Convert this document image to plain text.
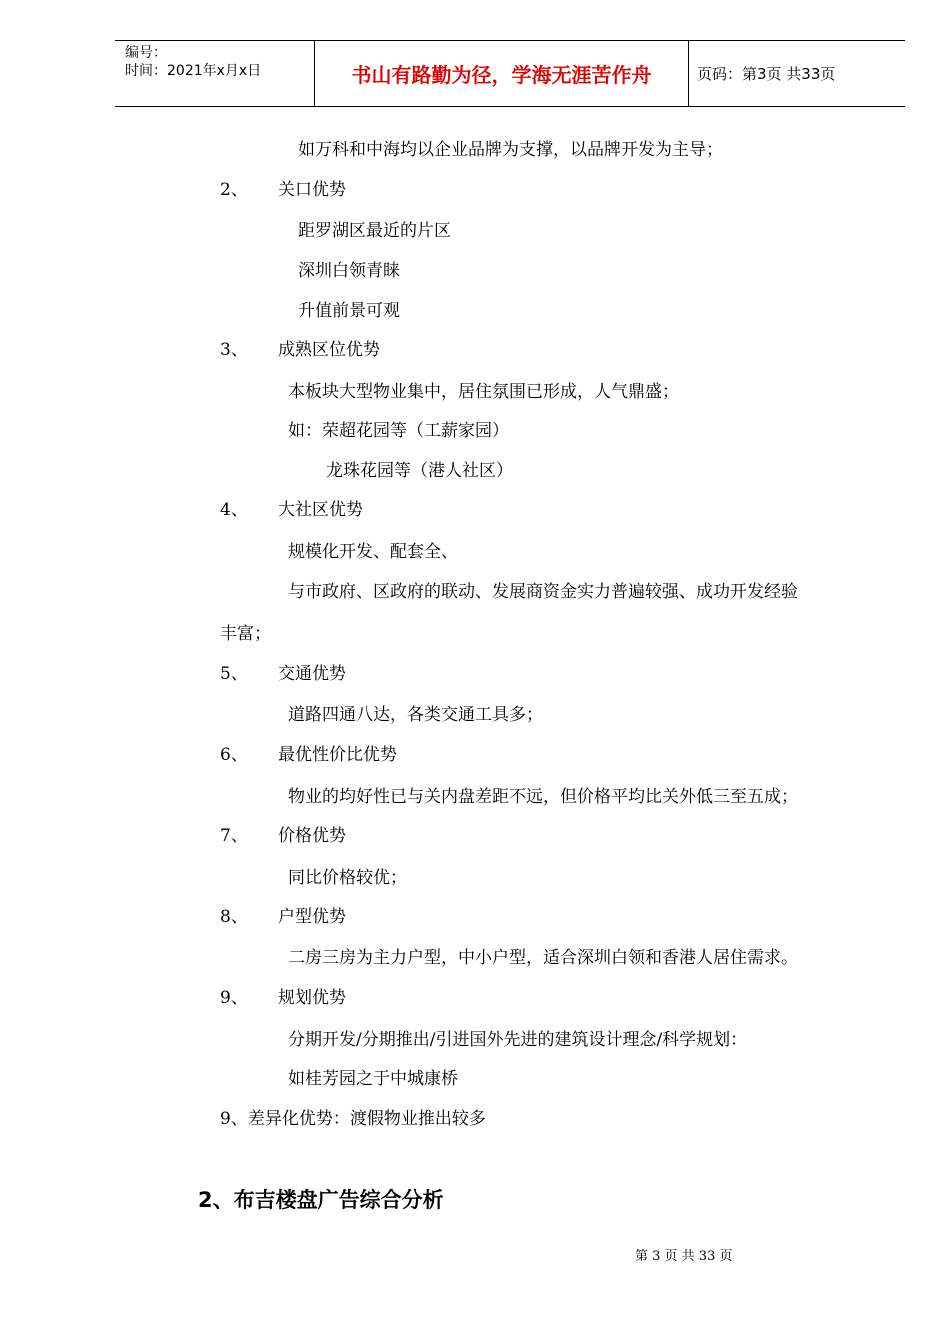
编号：
时间：2021年x月x日	书山有路勤为径，学海无涯苦作舟	页码：第3页 共33页
如万科和中海均以企业品牌为支撑，以品牌开发为主导；
2、 关口优势
距罗湖区最近的片区
深圳白领青睐
升值前景可观
3、 成熟区位优势
本板块大型物业集中，居住氛围已形成，人气鼎盛；
如：荣超花园等（工薪家园）
龙珠花园等（港人社区）
4、 大社区优势
规模化开发、配套全、
与市政府、区政府的联动、发展商资金实力普遍较强、成功开发经验
丰富；
5、 交通优势
道路四通八达，各类交通工具多；
6、 最优性价比优势
物业的均好性已与关内盘差距不远，但价格平均比关外低三至五成；
7、 价格优势
同比价格较优；
8、 户型优势
二房三房为主力户型，中小户型，适合深圳白领和香港人居住需求。
9、 规划优势
分期开发/分期推出/引进国外先进的建筑设计理念/科学规划：
如桂芳园之于中城康桥
9、差异化优势：渡假物业推出较多
2、布吉楼盘广告综合分析
第 3 页 共 33 页
